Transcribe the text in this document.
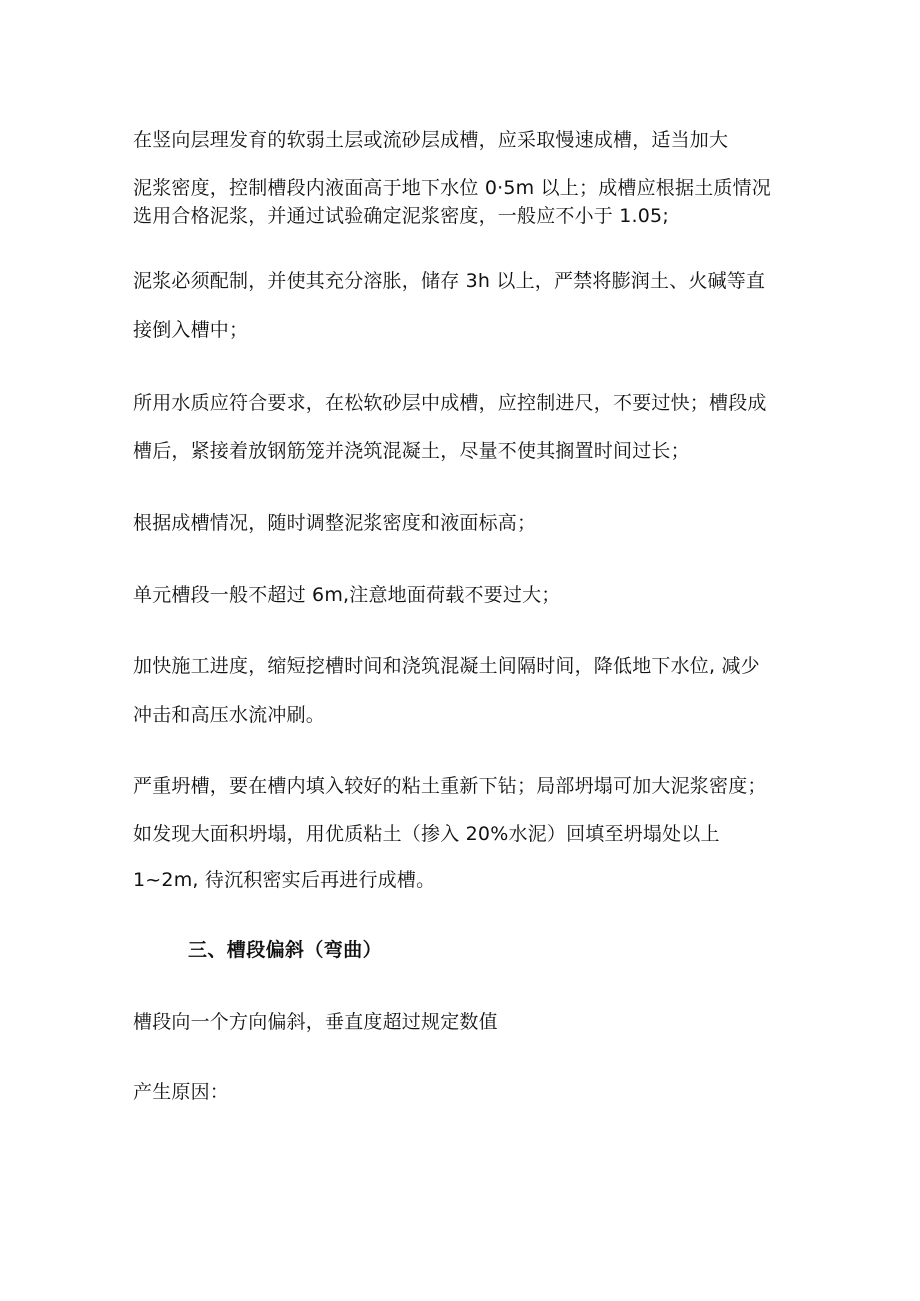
在竖向层理发育的软弱土层或流砂层成槽，应采取慢速成槽，适当加大
泥浆密度，控制槽段内液面高于地下水位 0·5m 以上；成槽应根据土质情况
选用合格泥浆，并通过试验确定泥浆密度，一般应不小于 1.05;
泥浆必须配制，并使其充分溶胀，储存 3h 以上，严禁将膨润土、火碱等直
接倒入槽中；
所用水质应符合要求，在松软砂层中成槽，应控制进尺，不要过快；槽段成
槽后，紧接着放钢筋笼并浇筑混凝土，尽量不使其搁置时间过长；
根据成槽情况，随时调整泥浆密度和液面标高；
单元槽段一般不超过 6m,注意地面荷载不要过大；
加快施工进度，缩短挖槽时间和浇筑混凝土间隔时间，降低地下水位, 减少
冲击和高压水流冲刷。
严重坍槽，要在槽内填入较好的粘土重新下钻；局部坍塌可加大泥浆密度；
如发现大面积坍塌，用优质粘土（掺入 20%水泥）回填至坍塌处以上
1~2m, 待沉积密实后再进行成槽。
三、槽段偏斜（弯曲）
槽段向一个方向偏斜，垂直度超过规定数值
产生原因：
